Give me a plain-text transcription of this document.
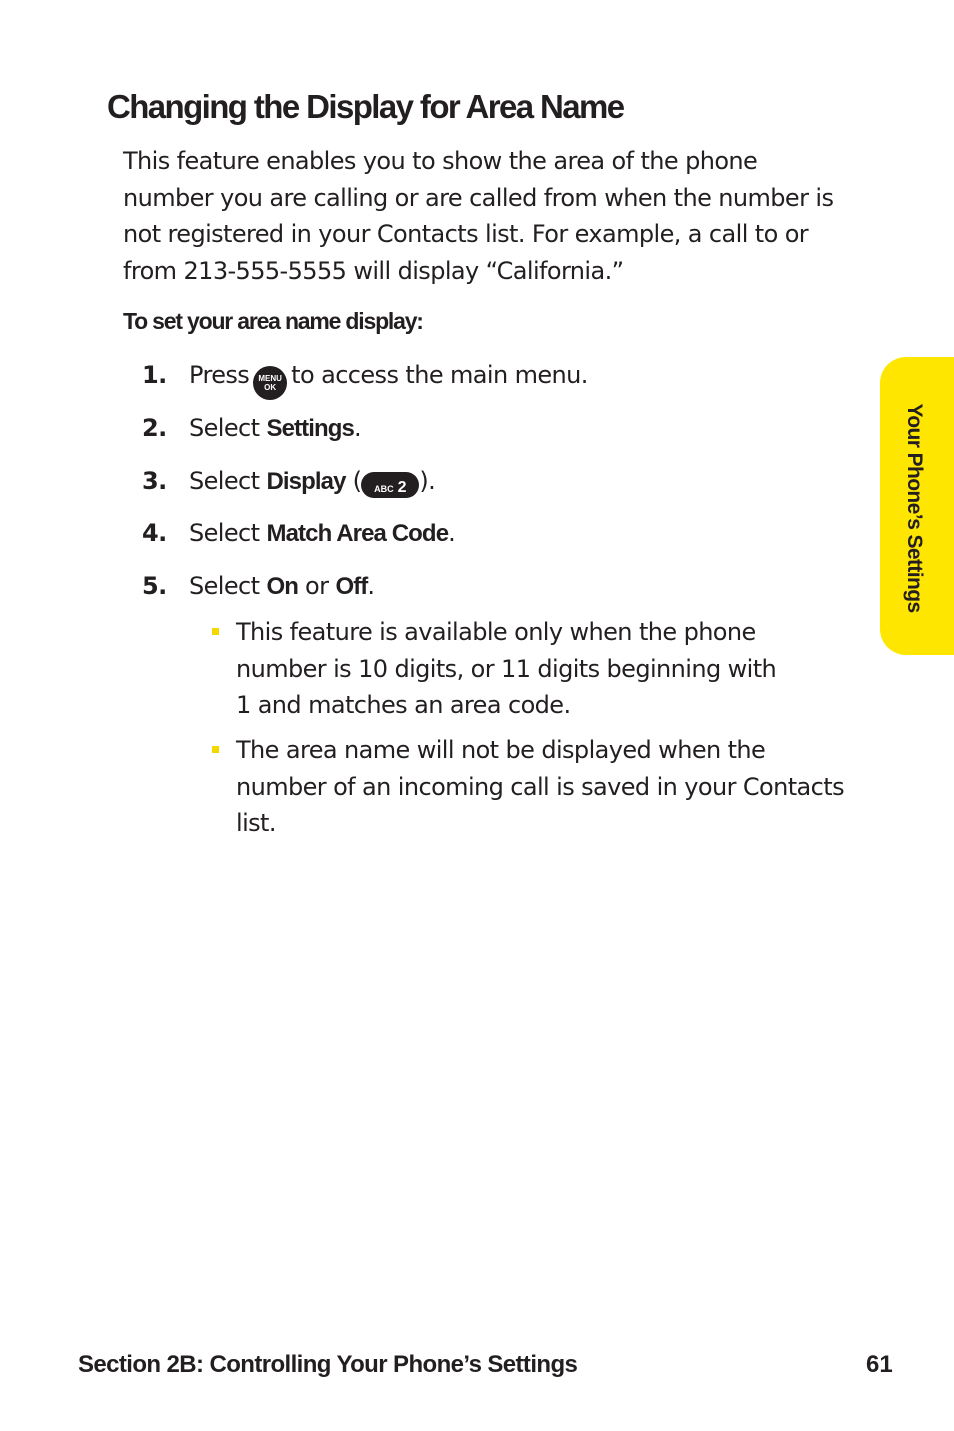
Changing the Display for Area Name

This feature enables you to show the area of the phone
number you are calling or are called from when the number is
not registered in your Contacts list. For example, a call to or
from 213-555-5555 will display “California.”

To set your area name display:

1. Press	MENU
OK to access the main menu.
2. Select Settings.
3. Select Display ( ABC 2 ).
4. Select Match Area Code.
5. Select On or Off.

This feature is available only when the phone
number is 10 digits, or 11 digits beginning with
1 and matches an area code.

The area name will not be displayed when the
number of an incoming call is saved in your Contacts
list.

Your Phone’s Settings
Section 2B: Controlling Your Phone’s Settings	61
